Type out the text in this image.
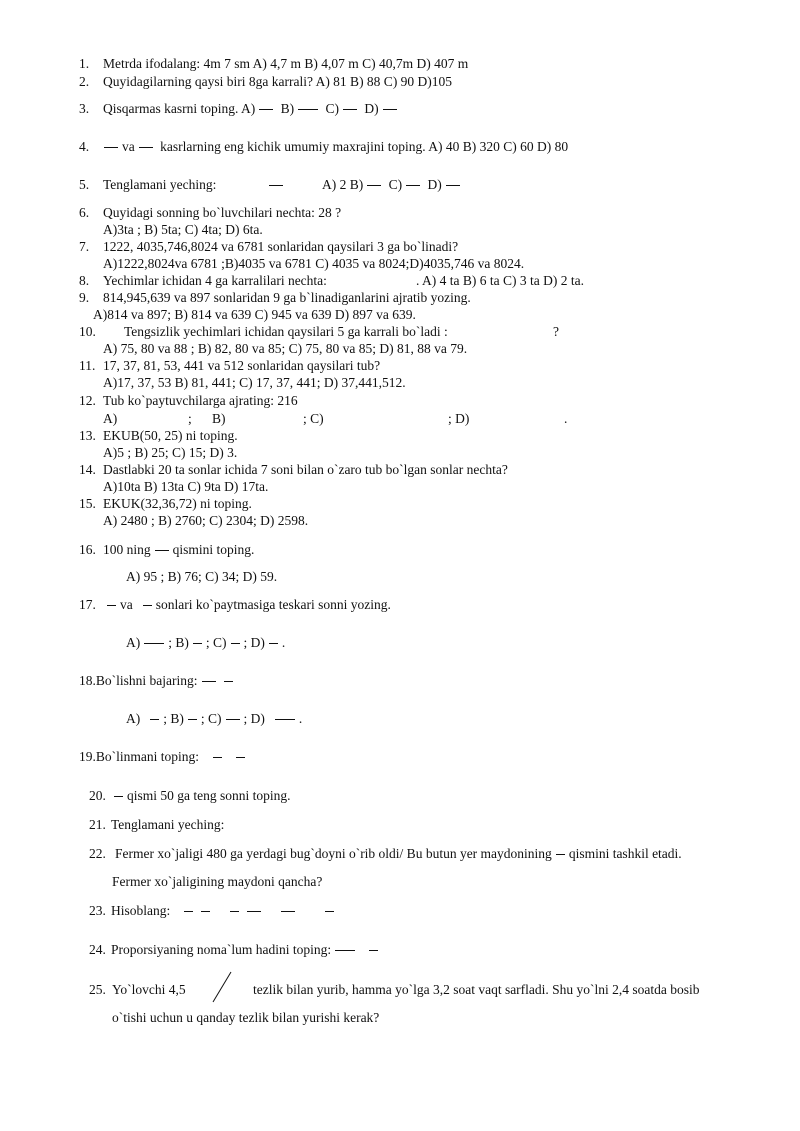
1. Metrda ifodalang: 4m 7 sm A) 4,7 m B) 4,07 m C) 40,7m D) 407 m
2. Quyidagilarning qaysi biri 8ga karrali? A) 81 B) 88 C) 90 D)105
3. Qisqarmas kasrni toping. A) B) C) D)
4.	va kasrlarning eng kichik umumiy maxrajini toping. A) 40 B) 320 C) 60 D) 80
5. Tenglamani yeching:	A) 2 B) C) D)
6. Quyidagi sonning bo`luvchilari nechta: 28 ?
A)3ta ; B) 5ta; C) 4ta; D) 6ta.
7. 1222, 4035,746,8024 va 6781 sonlaridan qaysilari 3 ga bo`linadi?
A)1222,8024va 6781 ;B)4035 va 6781 C) 4035 va 8024;D)4035,746 va 8024.
8. Yechimlar ichidan 4 ga karralilari nechta:	. A) 4 ta B) 6 ta C) 3 ta D) 2 ta.
9. 814,945,639 va 897 sonlaridan 9 ga b`linadiganlarini ajratib yozing.
A)814 va 897; B) 814 va 639 C) 945 va 639 D) 897 va 639.
10. Tengsizlik yechimlari ichidan qaysilari 5 ga karrali bo`ladi :	?
A) 75, 80 va 88 ; B) 82, 80 va 85; C) 75, 80 va 85; D) 81, 88 va 79.
11. 17, 37, 81, 53, 441 va 512 sonlaridan qaysilari tub?
A)17, 37, 53 B) 81, 441; C) 17, 37, 441; D) 37,441,512.
12. Tub ko`paytuvchilarga ajrating: 216
A)	; B)	; C)	; D)	.
13. EKUB(50, 25) ni toping.
A)5 ; B) 25; C) 15; D) 3.
14. Dastlabki 20 ta sonlar ichida 7 soni bilan o`zaro tub bo`lgan sonlar nechta?
A)10ta B) 13ta C) 9ta D) 17ta.
15. EKUK(32,36,72) ni toping.
A) 2480 ; B) 2760; C) 2304; D) 2598.
16. 100 ning qismini toping.
A) 95 ; B) 76; C) 34; D) 59.
17.	va sonlari ko`paytmasiga teskari sonni yozing.
A) ; B) ; C) ; D) .
18.Bo`lishni bajaring:
A) ; B) ; C) ; D)	.
19.Bo`linmani toping:
20.	qismi 50 ga teng sonni toping.
21. Tenglamani yeching:
22. Fermer xo`jaligi 480 ga yerdagi bug`doyni o`rib oldi/ Bu butun yer maydonining qismini tashkil etadi.
Fermer xo`jaligining maydoni qancha?
23. Hisoblang:
24. Proporsiyaning noma`lum hadini toping:
25. Yo`lovchi 4,5	tezlik bilan yurib, hamma yo`lga 3,2 soat vaqt sarfladi. Shu yo`lni 2,4 soatda bosib
o`tishi uchun u qanday tezlik bilan yurishi kerak?
